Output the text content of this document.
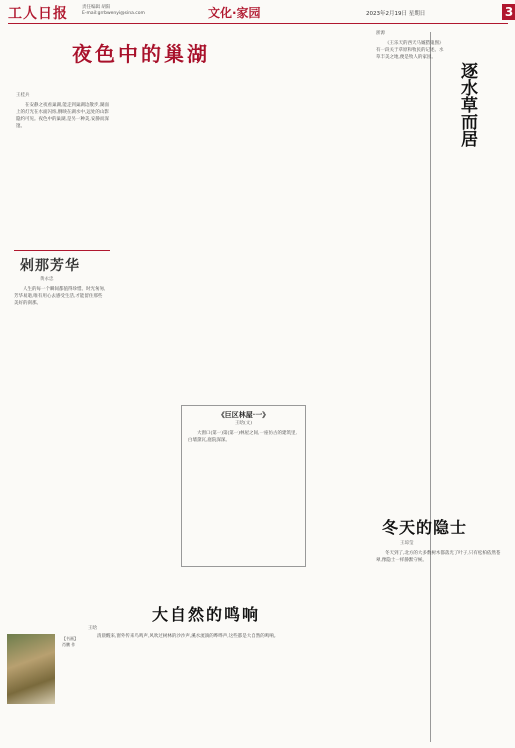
工人日报	责任编辑 胡阳
E-mail:grrbwenyi@sina.com	文化·家园	2023年2月19日 星期日	3
夜色中的巢湖
王桂兵

在安静之夜看巢湖,能走到巢湖边散步,湖面上的灯光在水面闪烁,倒映在湖水中,远处的山影隐约可见。夜色中的巢湖,是另一种美,安静而深邃。	逐水草而居
浙源

《王乐天的西天马厩猎鬼图》有一段关于草原和牧民的记述。水草丰美之地,便是牧人的家园。

剁那芳华
黄永忠

人生的每一个瞬间都值得珍惜。时光匆匆,芳华易逝,唯有用心去感受生活,才能留住那些美好的刹那。

《巨区林屋·一》
王晗(文)

大窗口(第一)第(第一)林屋之间,一座仿古的建筑里,白墙黛瓦,庭院深深。

冬天的隐士
王琼莹

冬天到了,北方的大多数树木都落光了叶子,只有松柏依然苍翠,像隐士一样静默守候。

大自然的鸣响
王晗

清晨醒来,窗外传来鸟鸣声,风吹过树林的沙沙声,溪水流淌的哗哗声,这些都是大自然的鸣响。

【书画】 肖鹏 作
